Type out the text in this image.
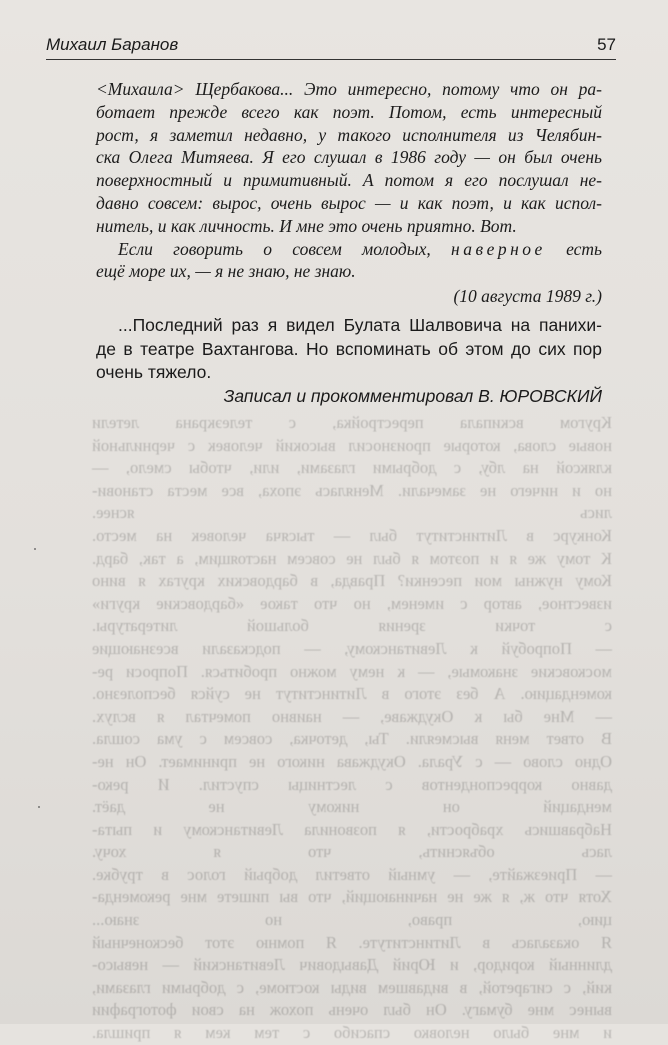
Михаил Баранов	57
Кругом вскипала перестройка, с телеэкрана летели
новые слова, которые произносил высокий человек с чернильной
кляксой на лбу, с добрыми глазами, или, чтобы смело, —
но и ничего не замечали. Менялась эпоха, все места станови-
лись яснее.
Конкурс в Литинститут был — тысяча человек на место.
К тому же я и поэтом я был не совсем настоящим, а так, бард.
Кому нужны мои песенки? Правда, в бардовских кругах я вино
известное, автор с именем, но что такое «бардовские круги»
с точки зрения большой литературы.
— Попробуй к Левитанскому, — подсказали всезнающие
московские знакомые, — к нему можно пробиться. Попроси ре-
комендацию. А без этого в Литинститут не суйся бесполезно.
— Мне бы к Окуджаве, — наивно помечтал я вслух.
В ответ меня высмеяли. Ты, деточка, совсем с ума сошла.
Одно слово — с Урала. Окуджава никого не принимает. Он не-
давно корреспондентов с лестницы спустил. И реко-
мендаций он никому не даёт.
Набравшись храбрости, я позвонила Левитанскому и пыта-
лась объяснить, что я хочу.
— Приезжайте, — умный ответил добрый голос в трубке.
Хотя что ж, я же не начинающий, что вы пишете мне рекоменда-
цию, право, но знаю...
Я оказалась в Литинституте. Я помню этот бесконечный
длинный коридор, и Юрий Давыдович Левитанский — невысо-
кий, с сигаретой, в видавшем виды костюме, с добрыми глазами,
вынес мне бумагу. Он был очень похож на свои фотографии
и мне было неловко спасибо с тем кем я пришла.
<Михаила> Щербакова... Это интересно, потому что он ра-
ботает прежде всего как поэт. Потом, есть интересный
рост, я заметил недавно, у такого исполнителя из Челябин-
ска Олега Митяева. Я его слушал в 1986 году — он был очень
поверхностный и примитивный. А потом я его послушал не-
давно совсем: вырос, очень вырос — и как поэт, и как испол-
нитель, и как личность. И мне это очень приятно. Вот.
Если говорить о совсем молодых, наверное есть
ещё море их, — я не знаю, не знаю.
(10 августа 1989 г.)
...Последний раз я видел Булата Шалвовича на панихи-
де в театре Вахтангова. Но вспоминать об этом до сих пор
очень тяжело.
Записал и прокомментировал В. ЮРОВСКИЙ
